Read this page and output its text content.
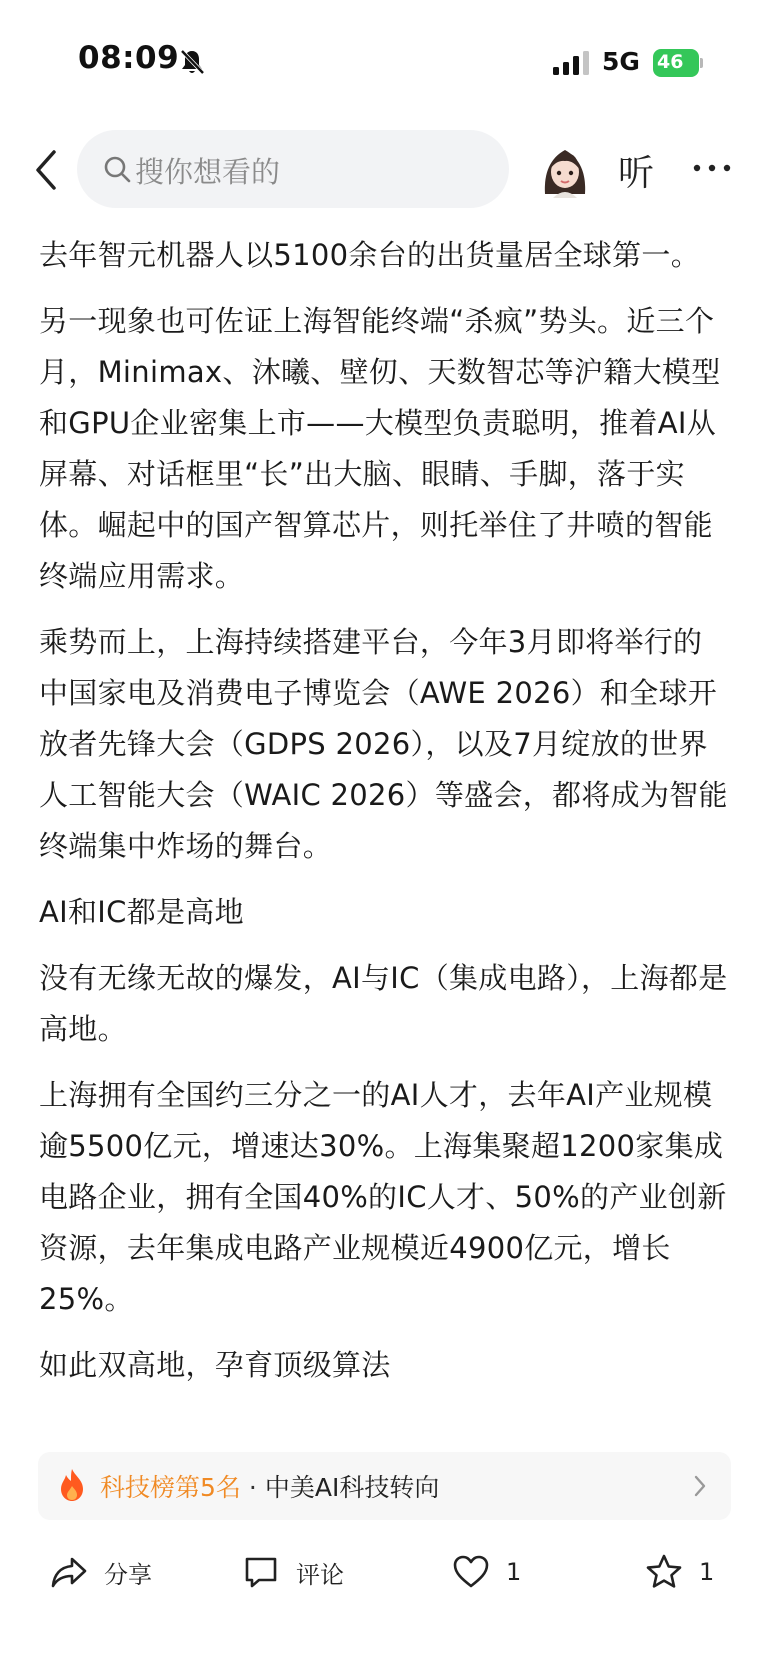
08:09	5G 46
搜你想看的	听

去年智元机器人以5100余台的出货量居全球第一。

另一现象也可佐证上海智能终端“杀疯”势头。近三个月，Minimax、沐曦、壁仞、天数智芯等沪籍大模型和GPU企业密集上市——大模型负责聪明，推着AI从屏幕、对话框里“长”出大脑、眼睛、手脚，落于实体。崛起中的国产智算芯片，则托举住了井喷的智能终端应用需求。

乘势而上，上海持续搭建平台，今年3月即将举行的中国家电及消费电子博览会（AWE 2026）和全球开放者先锋大会（GDPS 2026），以及7月绽放的世界人工智能大会（WAIC 2026）等盛会，都将成为智能终端集中炸场的舞台。

AI和IC都是高地

没有无缘无故的爆发，AI与IC（集成电路），上海都是高地。

上海拥有全国约三分之一的AI人才，去年AI产业规模逾5500亿元，增速达30%。上海集聚超1200家集成电路企业，拥有全国40%的IC人才、50%的产业创新资源，去年集成电路产业规模近4900亿元，增长25%。

如此双高地，孕育顶级算法

科技榜第5名 · 中美AI科技转向
分享	评论	1	1
